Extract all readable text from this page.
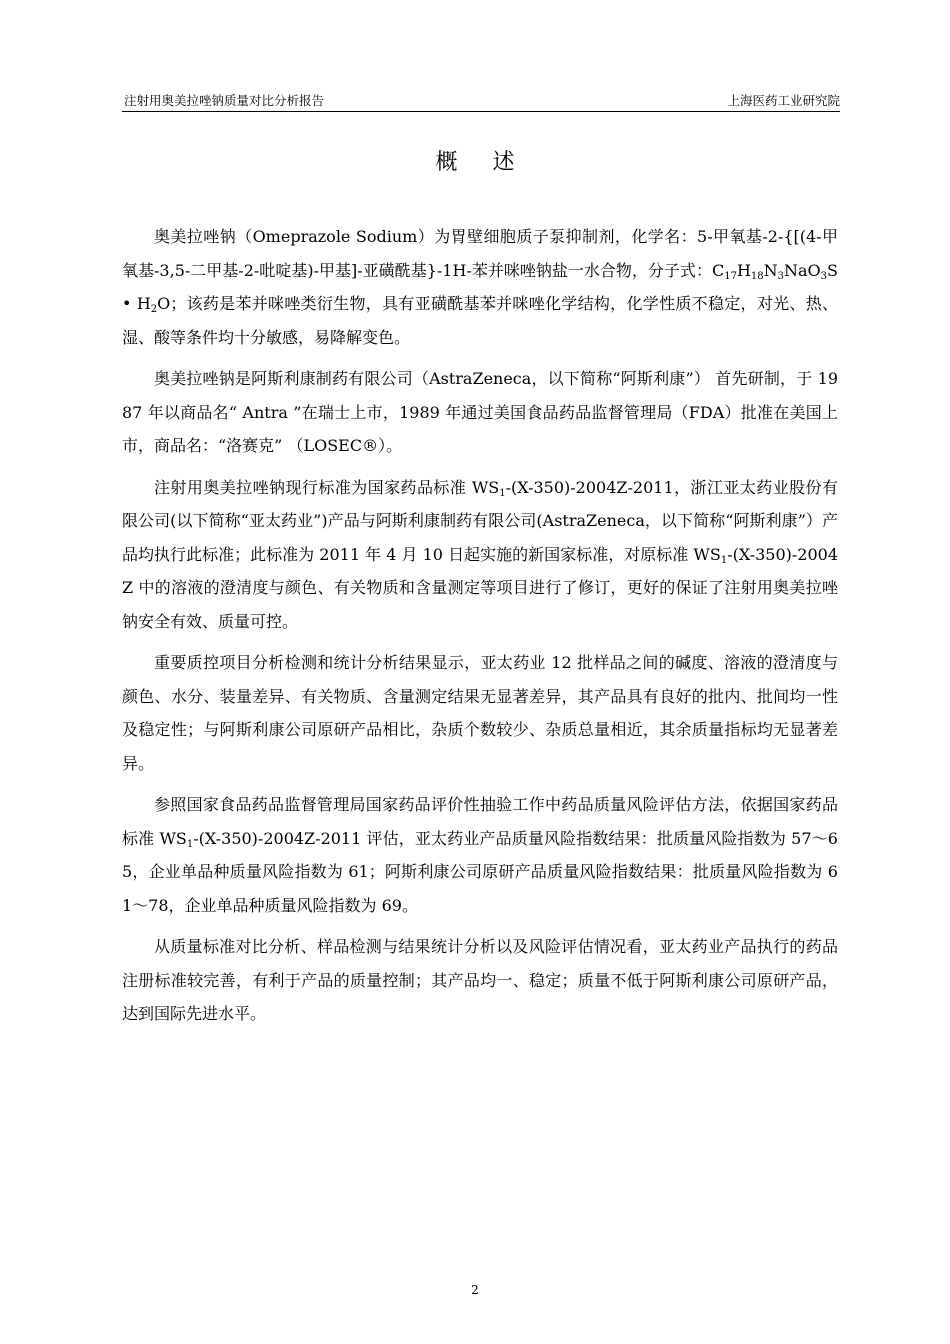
注射用奥美拉唑钠质量对比分析报告	上海医药工业研究院
概 述

奥美拉唑钠（Omeprazole Sodium）为胃壁细胞质子泵抑制剂，化学名：5-甲氧基-2-{[(4-甲氧基-3,5-二甲基-2-吡啶基)-甲基]-亚磺酰基}-1H-苯并咪唑钠盐一水合物，分子式：$C_{17}H_{18}N_3NaO_3S$ • $H_2O$；该药是苯并咪唑类衍生物，具有亚磺酰基苯并咪唑化学结构，化学性质不稳定，对光、热、湿、酸等条件均十分敏感，易降解变色。

奥美拉唑钠是阿斯利康制药有限公司（AstraZeneca，以下简称“阿斯利康”） 首先研制，于 1987 年以商品名“ Antra ”在瑞士上市，1989 年通过美国食品药品监督管理局（FDA）批准在美国上市，商品名：“洛赛克” （LOSEC®）。

注射用奥美拉唑钠现行标准为国家药品标准 $WS_1-(X-350)-2004Z-2011$，浙江亚太药业股份有限公司(以下简称“亚太药业”)产品与阿斯利康制药有限公司(AstraZeneca，以下简称“阿斯利康”）产品均执行此标准；此标准为 2011 年 4 月 10 日起实施的新国家标准，对原标准 $WS_1-(X-350)-2004Z$ 中的溶液的澄清度与颜色、有关物质和含量测定等项目进行了修订，更好的保证了注射用奥美拉唑钠安全有效、质量可控。

重要质控项目分析检测和统计分析结果显示，亚太药业 12 批样品之间的碱度、溶液的澄清度与颜色、水分、装量差异、有关物质、含量测定结果无显著差异，其产品具有良好的批内、批间均一性及稳定性；与阿斯利康公司原研产品相比，杂质个数较少、杂质总量相近，其余质量指标均无显著差异。

参照国家食品药品监督管理局国家药品评价性抽验工作中药品质量风险评估方法，依据国家药品标准 $WS_1-(X-350)-2004Z-2011$ 评估，亚太药业产品质量风险指数结果：批质量风险指数为 57～65，企业单品种质量风险指数为 61；阿斯利康公司原研产品质量风险指数结果：批质量风险指数为 61～78，企业单品种质量风险指数为 69。

从质量标准对比分析、样品检测与结果统计分析以及风险评估情况看，亚太药业产品执行的药品注册标准较完善，有利于产品的质量控制；其产品均一、稳定；质量不低于阿斯利康公司原研产品，达到国际先进水平。

2
